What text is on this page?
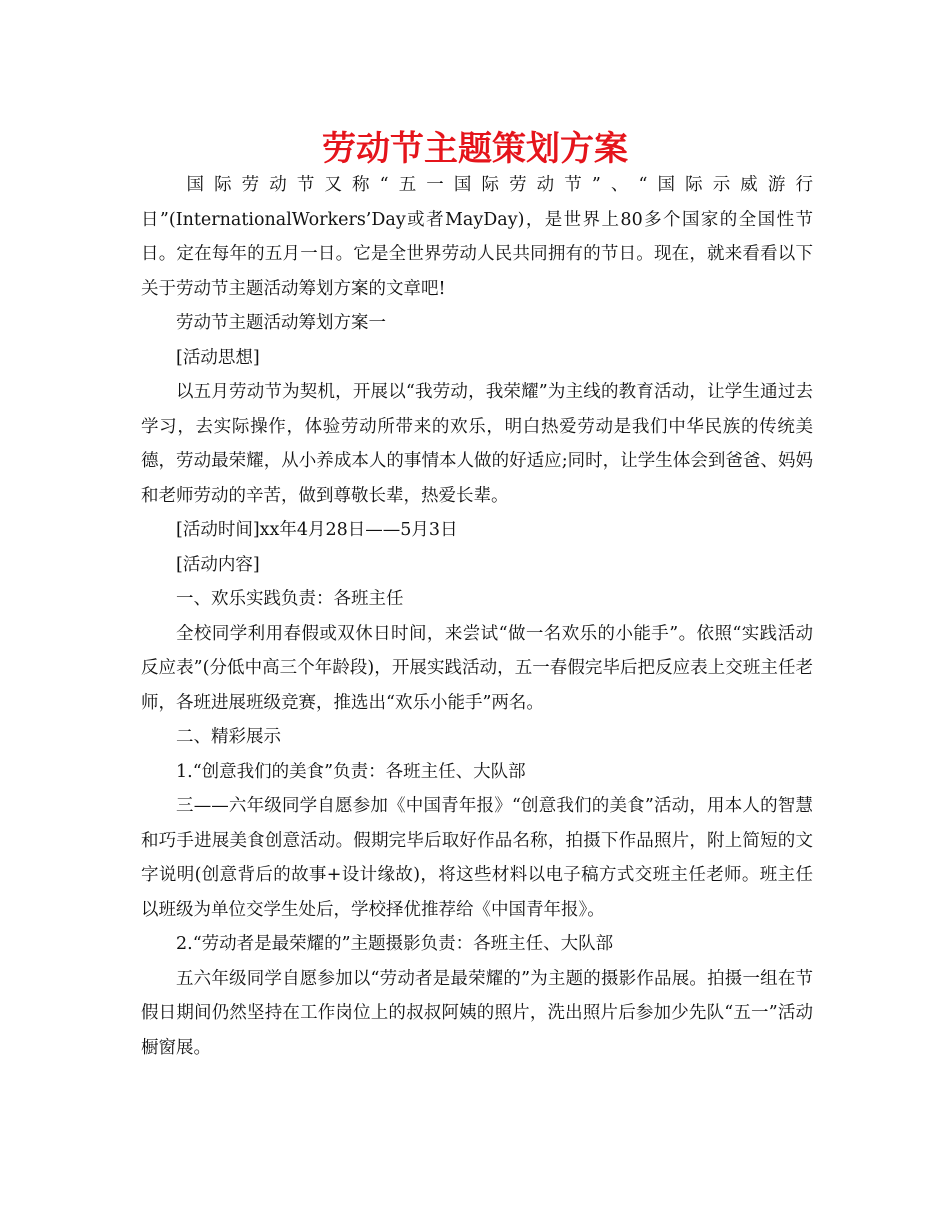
劳动节主题策划方案

国际劳动节又称“五一国际劳动节”、“国际示威游行

日”(InternationalWorkers’Day或者MayDay)，是世界上80多个国家的全国性节日。定在每年的五月一日。它是全世界劳动人民共同拥有的节日。现在，就来看看以下关于劳动节主题活动筹划方案的文章吧!

劳动节主题活动筹划方案一

[活动思想]

以五月劳动节为契机，开展以“我劳动，我荣耀”为主线的教育活动，让学生通过去学习，去实际操作，体验劳动所带来的欢乐，明白热爱劳动是我们中华民族的传统美德，劳动最荣耀，从小养成本人的事情本人做的好适应;同时，让学生体会到爸爸、妈妈和老师劳动的辛苦，做到尊敬长辈，热爱长辈。

[活动时间]xx年4月28日——5月3日

[活动内容]

一、欢乐实践负责：各班主任

全校同学利用春假或双休日时间，来尝试“做一名欢乐的小能手”。依照“实践活动反应表”(分低中高三个年龄段)，开展实践活动，五一春假完毕后把反应表上交班主任老师，各班进展班级竞赛，推选出“欢乐小能手”两名。

二、精彩展示

1.“创意我们的美食”负责：各班主任、大队部

三——六年级同学自愿参加《中国青年报》“创意我们的美食”活动，用本人的智慧和巧手进展美食创意活动。假期完毕后取好作品名称，拍摄下作品照片，附上简短的文字说明(创意背后的故事+设计缘故)，将这些材料以电子稿方式交班主任老师。班主任以班级为单位交学生处后，学校择优推荐给《中国青年报》。

2.“劳动者是最荣耀的”主题摄影负责：各班主任、大队部

五六年级同学自愿参加以“劳动者是最荣耀的”为主题的摄影作品展。拍摄一组在节假日期间仍然坚持在工作岗位上的叔叔阿姨的照片，洗出照片后参加少先队“五一”活动橱窗展。
